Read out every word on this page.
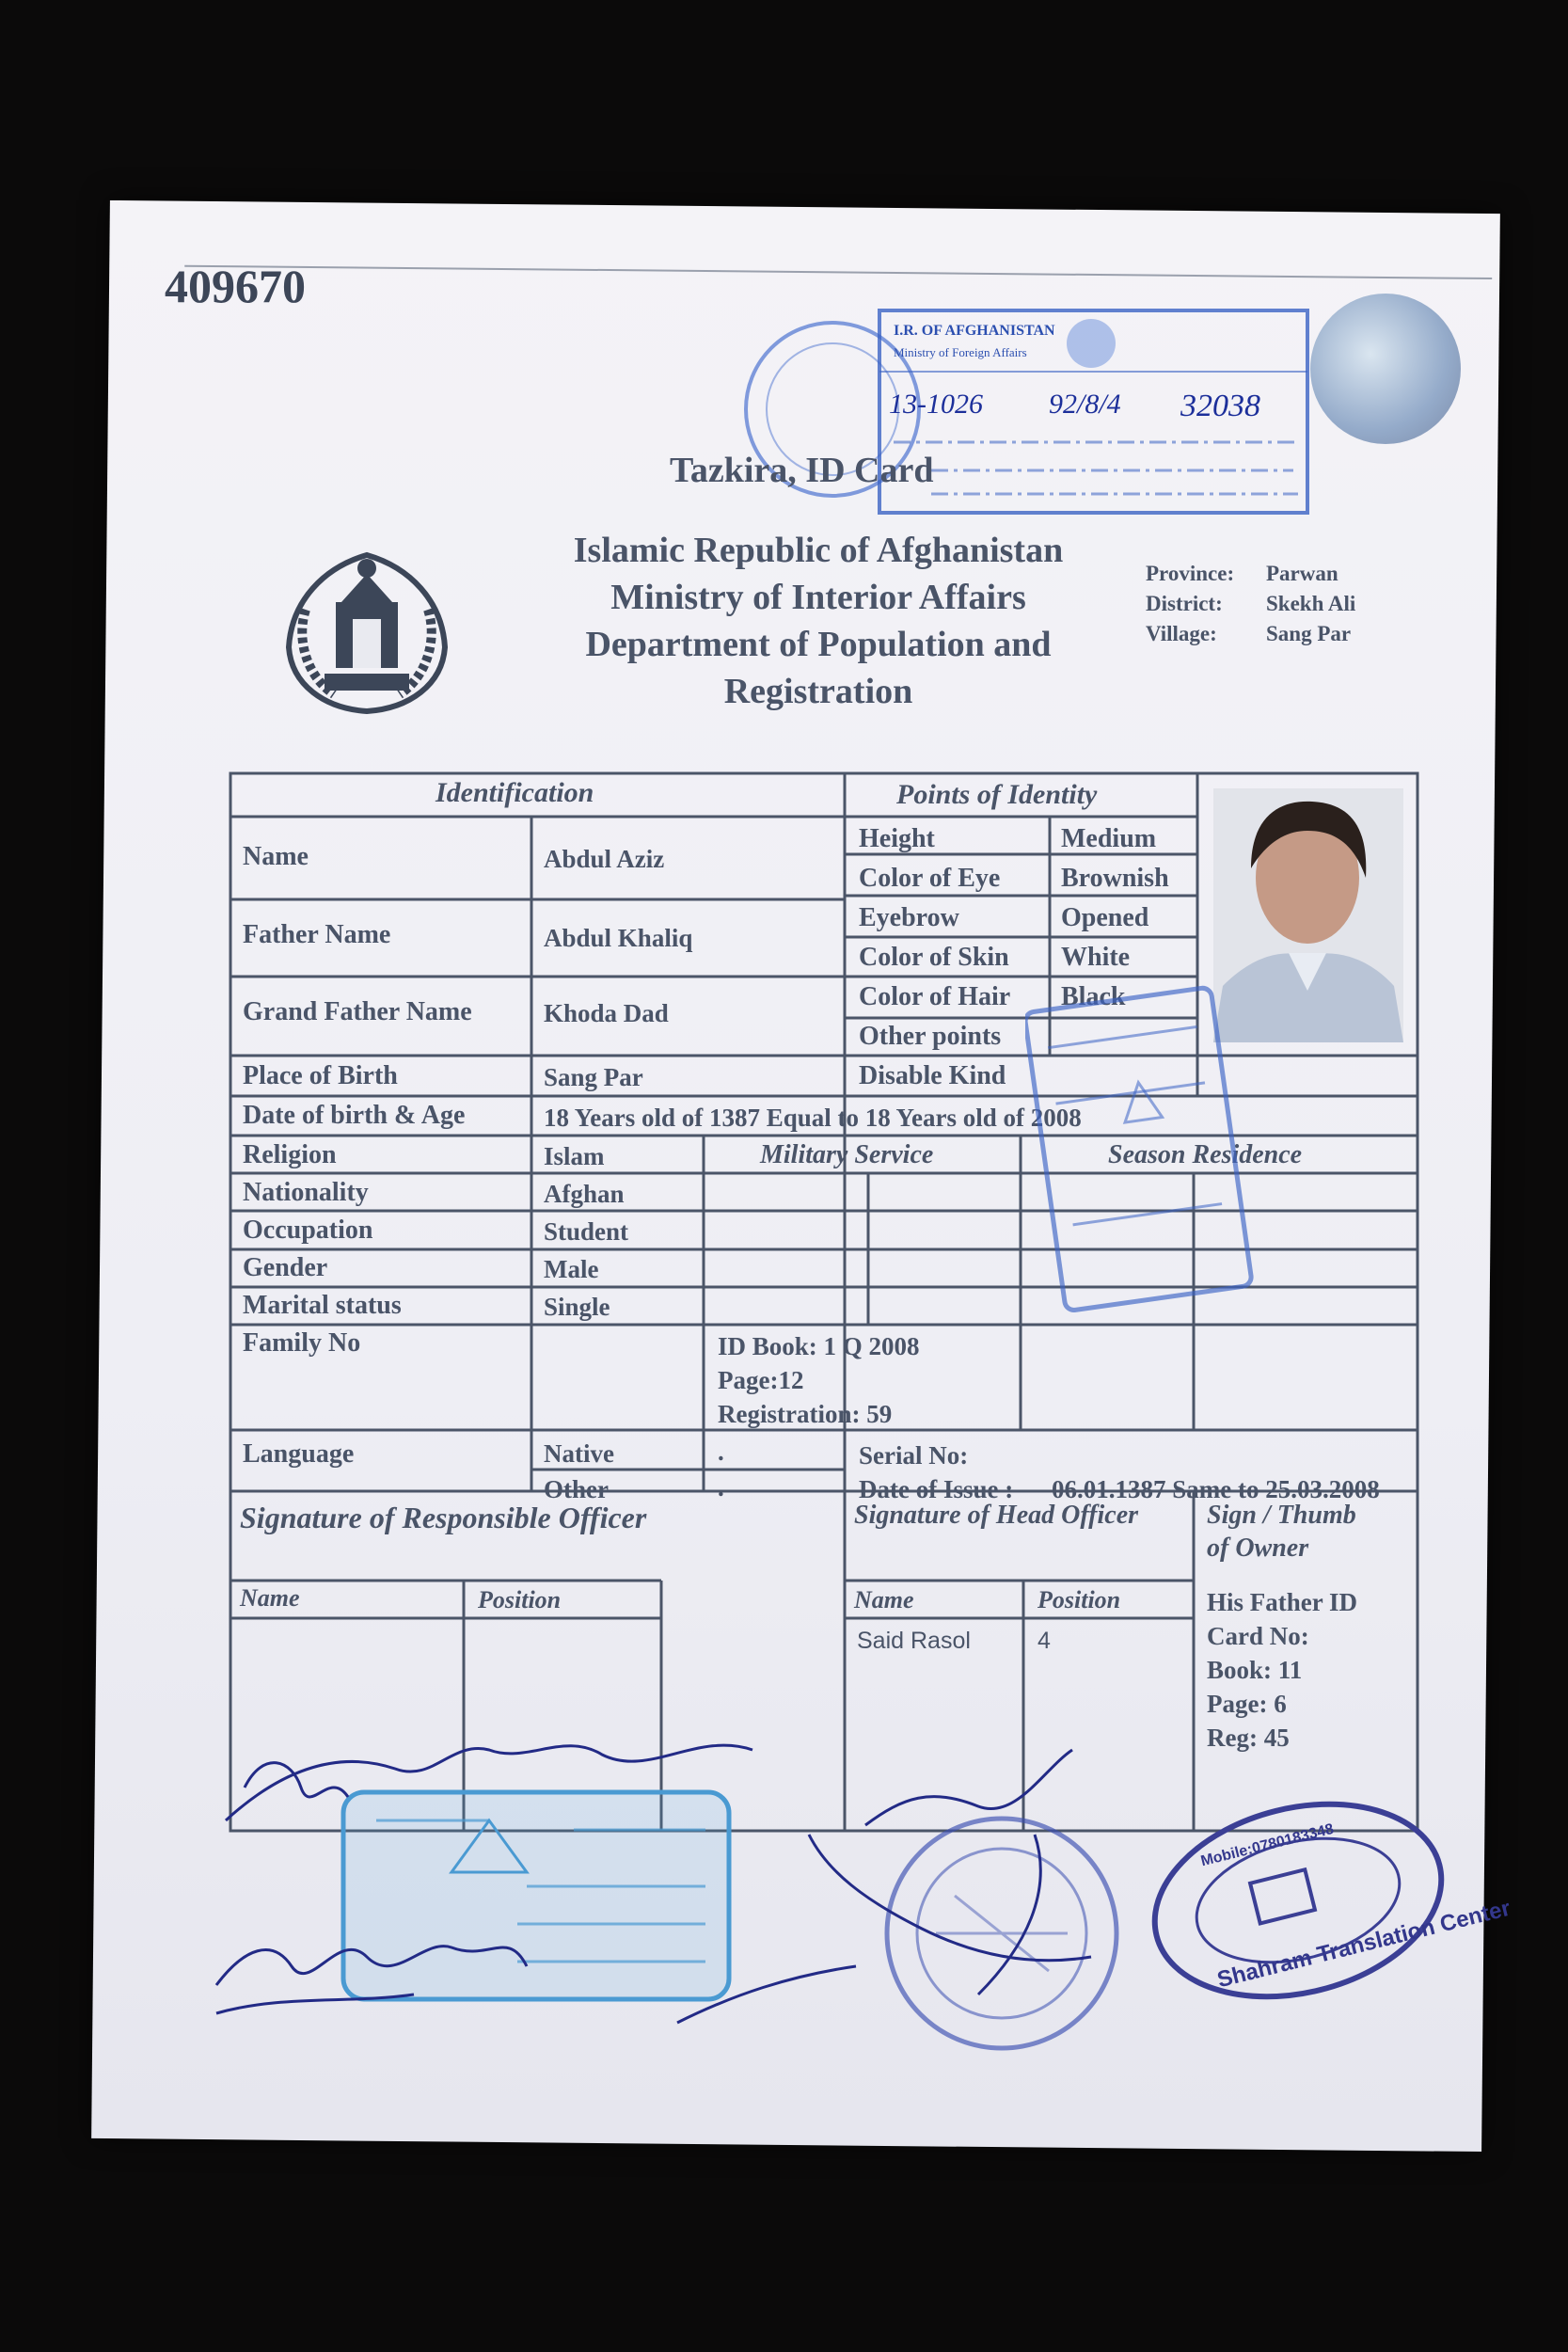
409670
I.R. OF AFGHANISTAN
Ministry of Foreign Affairs
13-1026 92/8/4 32038
Tazkira, ID Card
Islamic Republic of Afghanistan
Ministry of Interior Affairs
Department of Population and
Registration
Province: Parwan
District: Skekh Ali
Village: Sang Par
Identification	Points of Identity
Name	Abdul Aziz
Father Name	Abdul Khaliq
Grand Father Name	Khoda Dad
Place of Birth	Sang Par
Date of birth & Age	18 Years old of 1387 Equal to 18 Years old of 2008
Height	Medium
Color of Eye Brownish
Eyebrow	Opened
Color of Skin White
Color of Hair Black
Other points
Disable Kind
Religion	Islam	Military Service	Season Residence
Nationality	Afghan
Occupation	Student
Gender	Male
Marital status	Single
Family No	ID Book: 1 Q 2008
Page:12
Registration: 59
Language	Native	.
Other	.
Serial No:
Date of Issue : 06.01.1387 Same to 25.03.2008
Signature of Responsible Officer	Signature of Head Officer	Sign / Thumb
of Owner
Name	Position	Name	Position
Said Rasol	4
His Father ID
Card No:
Book: 11
Page: 6
Reg: 45
Shahram Translation Center
Mobile:0780183348
